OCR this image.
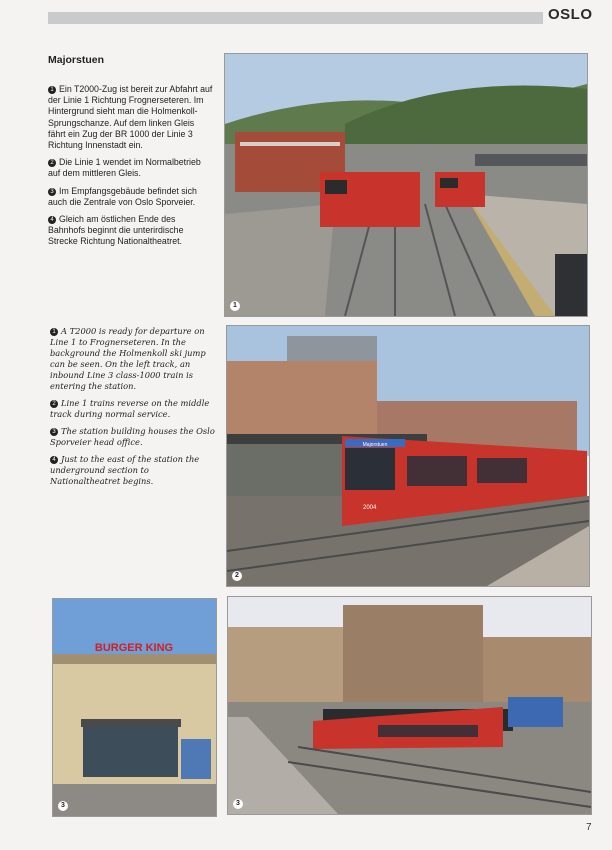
OSLO
Majorstuen

1 Ein T2000-Zug ist bereit zur Abfahrt auf der Linie 1 Richtung Frognerseteren. Im Hintergrund sieht man die Holmenkoll-Sprungschanze. Auf dem linken Gleis fährt ein Zug der BR 1000 der Linie 3 Richtung Innenstadt ein.

2 Die Linie 1 wendet im Normalbetrieb auf dem mittleren Gleis.

3 Im Empfangsgebäude befindet sich auch die Zentrale von Oslo Sporveier.

4 Gleich am östlichen Ende des Bahnhofs beginnt die unterirdische Strecke Richtung Nationaltheatret.

1 A T2000 is ready for departure on Line 1 to Frognerseteren. In the background the Holmenkoll ski jump can be seen. On the left track, an inbound Line 3 class-1000 train is entering the station.

2 Line 1 trains reverse on the middle track during normal service.

3 The station building houses the Oslo Sporveier head office.

4 Just to the east of the station the underground section to Nationaltheatret begins.

1
Majorstuen
2004
2
BURGER KING
3	3
7
